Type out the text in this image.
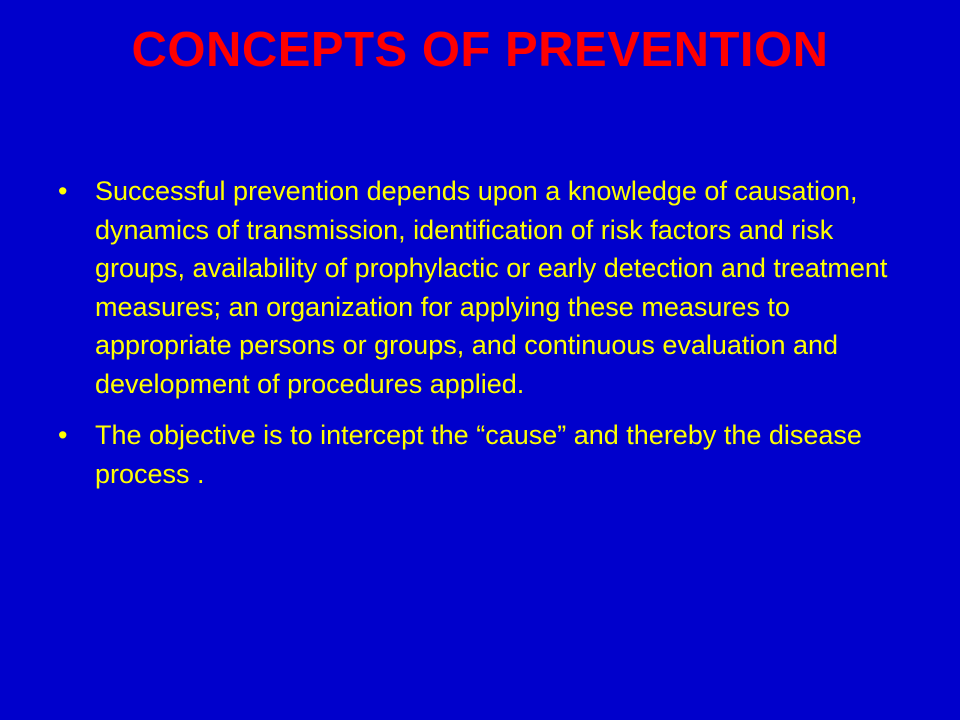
CONCEPTS OF PREVENTION
•	Successful prevention depends upon a knowledge of causation, dynamics of transmission, identification of risk factors and risk groups, availability of prophylactic or early detection and treatment measures; an organization for applying these measures to appropriate persons or groups, and continuous evaluation and development of procedures applied.
•	The objective is to intercept the “cause” and thereby the disease process .
